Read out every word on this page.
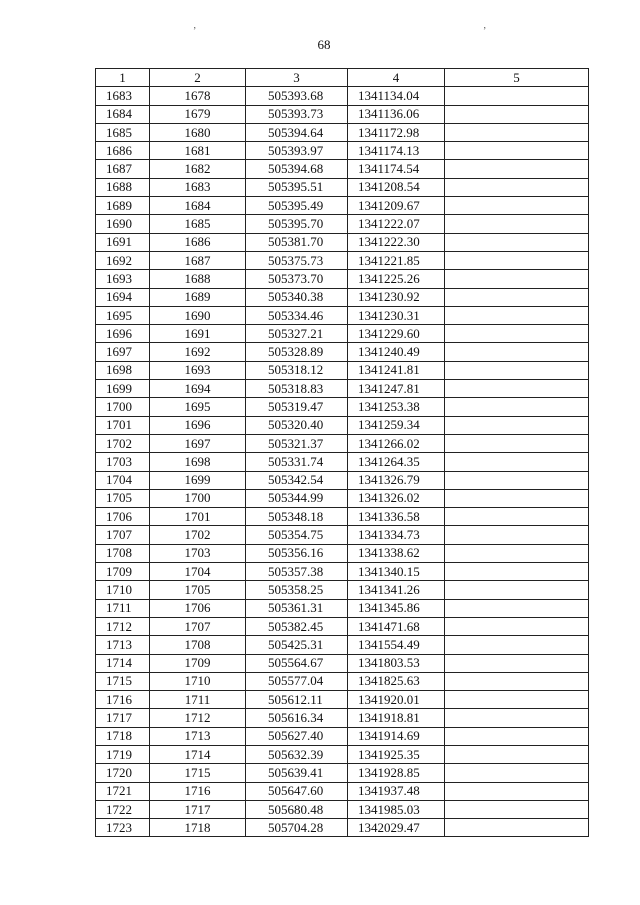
ʼ	ʼ
68
1	2	3	4	5
1683	1678	505393.68	1341134.04	
1684	1679	505393.73	1341136.06	
1685	1680	505394.64	1341172.98	
1686	1681	505393.97	1341174.13	
1687	1682	505394.68	1341174.54	
1688	1683	505395.51	1341208.54	
1689	1684	505395.49	1341209.67	
1690	1685	505395.70	1341222.07	
1691	1686	505381.70	1341222.30	
1692	1687	505375.73	1341221.85	
1693	1688	505373.70	1341225.26	
1694	1689	505340.38	1341230.92	
1695	1690	505334.46	1341230.31	
1696	1691	505327.21	1341229.60	
1697	1692	505328.89	1341240.49	
1698	1693	505318.12	1341241.81	
1699	1694	505318.83	1341247.81	
1700	1695	505319.47	1341253.38	
1701	1696	505320.40	1341259.34	
1702	1697	505321.37	1341266.02	
1703	1698	505331.74	1341264.35	
1704	1699	505342.54	1341326.79	
1705	1700	505344.99	1341326.02	
1706	1701	505348.18	1341336.58	
1707	1702	505354.75	1341334.73	
1708	1703	505356.16	1341338.62	
1709	1704	505357.38	1341340.15	
1710	1705	505358.25	1341341.26	
1711	1706	505361.31	1341345.86	
1712	1707	505382.45	1341471.68	
1713	1708	505425.31	1341554.49	
1714	1709	505564.67	1341803.53	
1715	1710	505577.04	1341825.63	
1716	1711	505612.11	1341920.01	
1717	1712	505616.34	1341918.81	
1718	1713	505627.40	1341914.69	
1719	1714	505632.39	1341925.35	
1720	1715	505639.41	1341928.85	
1721	1716	505647.60	1341937.48	
1722	1717	505680.48	1341985.03	
1723	1718	505704.28	1342029.47	
